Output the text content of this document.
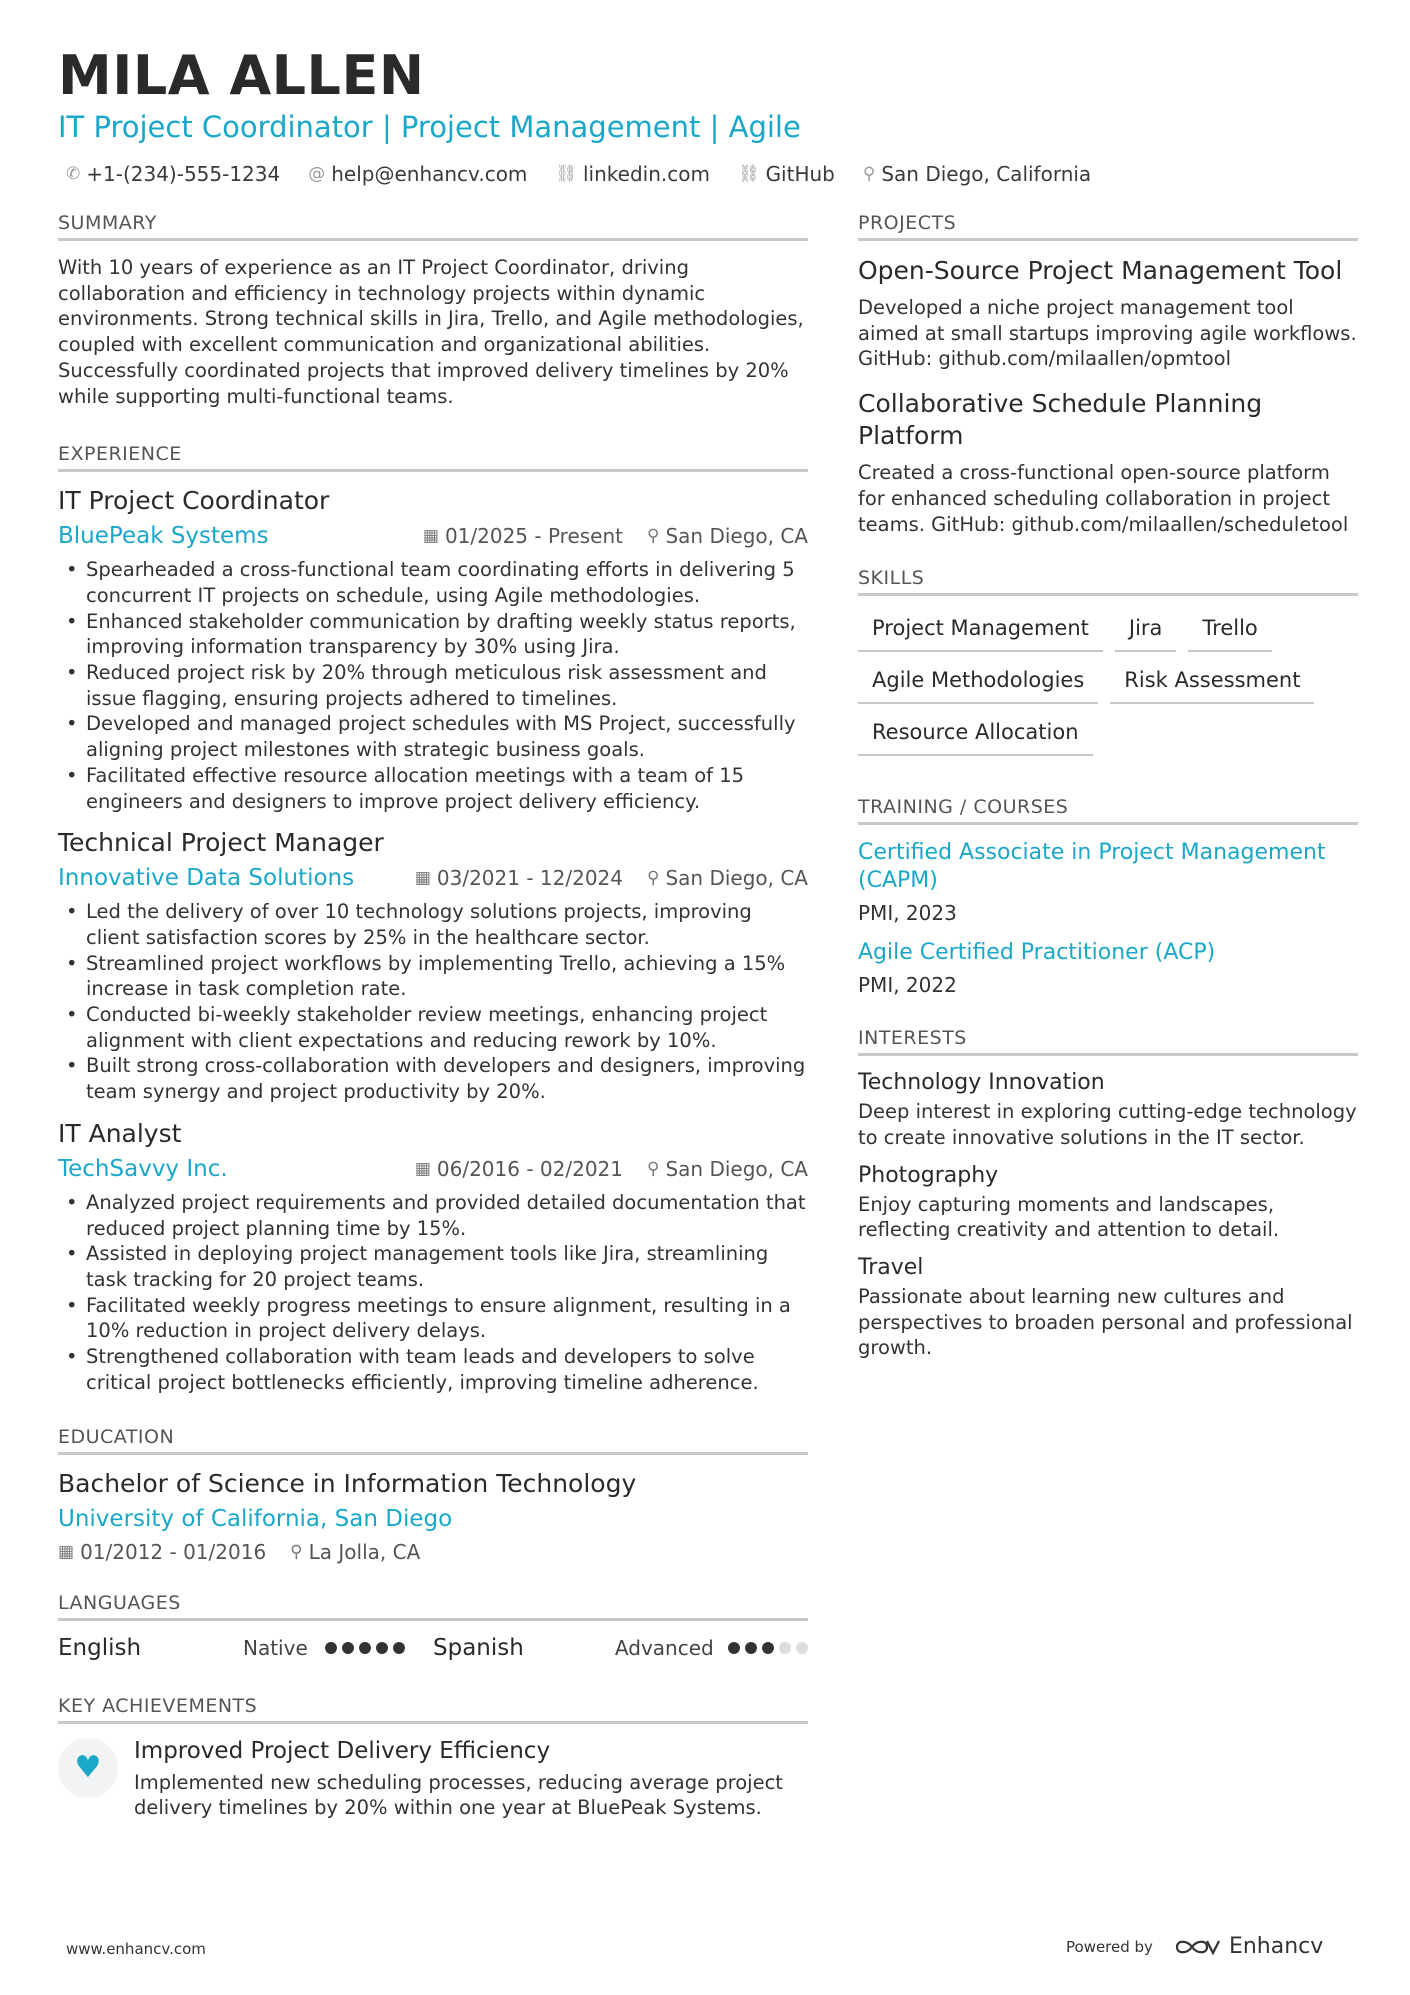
MILA ALLEN
IT Project Coordinator | Project Management | Agile
✆ +1-(234)-555-1234 @ help@enhancv.com ⛓ linkedin.com ⛓ GitHub ⚲ San Diego, California
SUMMARY
With 10 years of experience as an IT Project Coordinator, driving collaboration and efficiency in technology projects within dynamic environments. Strong technical skills in Jira, Trello, and Agile methodologies, coupled with excellent communication and organizational abilities. Successfully coordinated projects that improved delivery timelines by 20% while supporting multi-functional teams.
EXPERIENCE
IT Project Coordinator
BluePeak Systems	▦ 01/2025 - Present ⚲ San Diego, CA
• Spearheaded a cross-functional team coordinating efforts in delivering 5 concurrent IT projects on schedule, using Agile methodologies.
• Enhanced stakeholder communication by drafting weekly status reports, improving information transparency by 30% using Jira.
• Reduced project risk by 20% through meticulous risk assessment and issue flagging, ensuring projects adhered to timelines.
• Developed and managed project schedules with MS Project, successfully aligning project milestones with strategic business goals.
• Facilitated effective resource allocation meetings with a team of 15 engineers and designers to improve project delivery efficiency.
Technical Project Manager
Innovative Data Solutions	▦ 03/2021 - 12/2024 ⚲ San Diego, CA
• Led the delivery of over 10 technology solutions projects, improving client satisfaction scores by 25% in the healthcare sector.
• Streamlined project workflows by implementing Trello, achieving a 15% increase in task completion rate.
• Conducted bi-weekly stakeholder review meetings, enhancing project alignment with client expectations and reducing rework by 10%.
• Built strong cross-collaboration with developers and designers, improving team synergy and project productivity by 20%.
IT Analyst
TechSavvy Inc.	▦ 06/2016 - 02/2021 ⚲ San Diego, CA
• Analyzed project requirements and provided detailed documentation that reduced project planning time by 15%.
• Assisted in deploying project management tools like Jira, streamlining task tracking for 20 project teams.
• Facilitated weekly progress meetings to ensure alignment, resulting in a 10% reduction in project delivery delays.
• Strengthened collaboration with team leads and developers to solve critical project bottlenecks efficiently, improving timeline adherence.
EDUCATION
Bachelor of Science in Information Technology
University of California, San Diego
▦ 01/2012 - 01/2016 ⚲ La Jolla, CA
LANGUAGES
English	Native	Spanish	Advanced
KEY ACHIEVEMENTS
♥	Improved Project Delivery Efficiency
Implemented new scheduling processes, reducing average project delivery timelines by 20% within one year at BluePeak Systems.
PROJECTS
Open-Source Project Management Tool
Developed a niche project management tool aimed at small startups improving agile workflows. GitHub: github.com/milaallen/opmtool
Collaborative Schedule Planning Platform
Created a cross-functional open-source platform for enhanced scheduling collaboration in project teams. GitHub: github.com/milaallen/scheduletool
SKILLS
Project Management	Jira	Trello
Agile Methodologies	Risk Assessment
Resource Allocation
TRAINING / COURSES
Certified Associate in Project Management (CAPM)
PMI, 2023
Agile Certified Practitioner (ACP)
PMI, 2022
INTERESTS
Technology Innovation
Deep interest in exploring cutting-edge technology to create innovative solutions in the IT sector.
Photography
Enjoy capturing moments and landscapes, reflecting creativity and attention to detail.
Travel
Passionate about learning new cultures and perspectives to broaden personal and professional growth.
www.enhancv.com	Powered by	Enhancv
